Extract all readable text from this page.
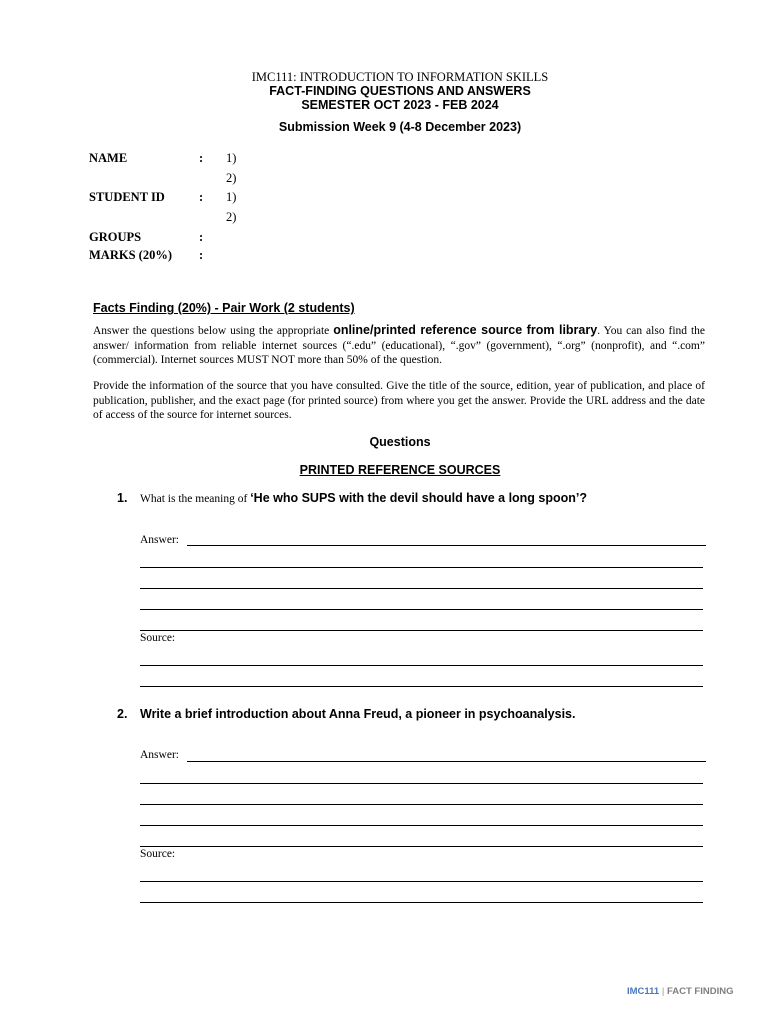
IMC111: INTRODUCTION TO INFORMATION SKILLS
FACT-FINDING QUESTIONS AND ANSWERS
SEMESTER OCT 2023 - FEB 2024
Submission Week 9 (4-8 December 2023)
NAME	: 1)
2)
STUDENT ID	: 1)
2)
GROUPS	:
MARKS (20%) :
Facts Finding (20%) - Pair Work (2 students)
Answer the questions below using the appropriate online/printed reference source from library. You can also find the answer/ information from reliable internet sources (“.edu” (educational), “.gov” (government), “.org” (nonprofit), and “.com” (commercial). Internet sources MUST NOT more than 50% of the question.
Provide the information of the source that you have consulted. Give the title of the source, edition, year of publication, and place of publication, publisher, and the exact page (for printed source) from where you get the answer. Provide the URL address and the date of access of the source for internet sources.
Questions
PRINTED REFERENCE SOURCES
1. What is the meaning of ‘He who SUPS with the devil should have a long spoon’?
Answer:
Source:
2. Write a brief introduction about Anna Freud, a pioneer in psychoanalysis.
Answer:
Source:
IMC111 | FACT FINDING
